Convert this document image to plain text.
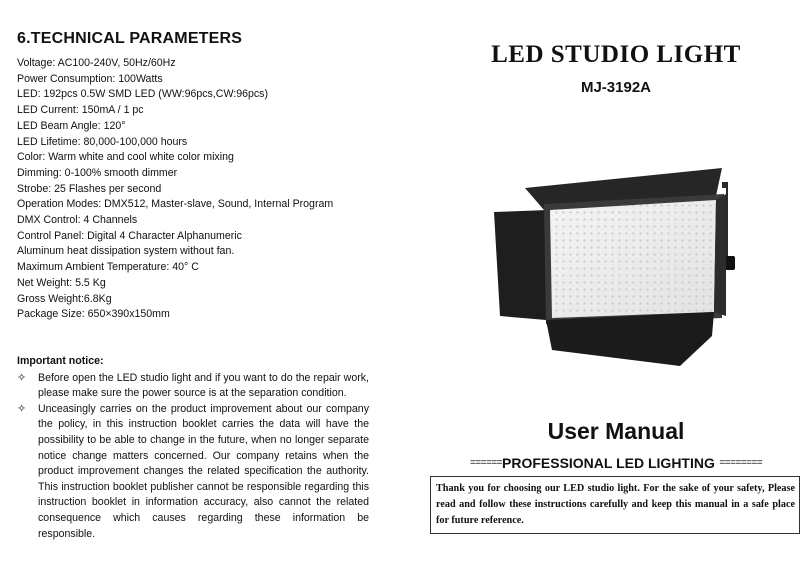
6.TECHNICAL PARAMETERS
Voltage: AC100-240V, 50Hz/60Hz
Power Consumption: 100Watts
LED: 192pcs 0.5W SMD LED (WW:96pcs,CW:96pcs)
LED Current: 150mA / 1 pc
LED Beam Angle: 120°
LED Lifetime: 80,000-100,000 hours
Color: Warm white and cool white color mixing
Dimming: 0-100% smooth dimmer
Strobe: 25 Flashes per second
Operation Modes: DMX512, Master-slave, Sound, Internal Program
DMX Control: 4 Channels
Control Panel: Digital 4 Character Alphanumeric
Aluminum heat dissipation system without fan.
Maximum Ambient Temperature: 40° C
Net Weight: 5.5 Kg
Gross Weight:6.8Kg
Package Size: 650×390x150mm
Important notice:
✧ Before open the LED studio light and if you want to do the repair work, please make sure the power source is at the separation condition.
✧ Unceasingly carries on the product improvement about our company the policy, in this instruction booklet carries the data will have the possibility to be able to change in the future, when no longer separate notice change matters concerned. Our company retains when the product improvement changes the related specification the authority. This instruction booklet publisher cannot be responsible regarding this instruction booklet in information accuracy, also cannot the related consequence which causes regarding these information be responsible.
LED STUDIO LIGHT
MJ-3192A
User Manual
======PROFESSIONAL LED LIGHTING ========
Thank you for choosing our LED studio light. For the sake of your safety, Please read and follow these instructions carefully and keep this manual in a safe place for future reference.
